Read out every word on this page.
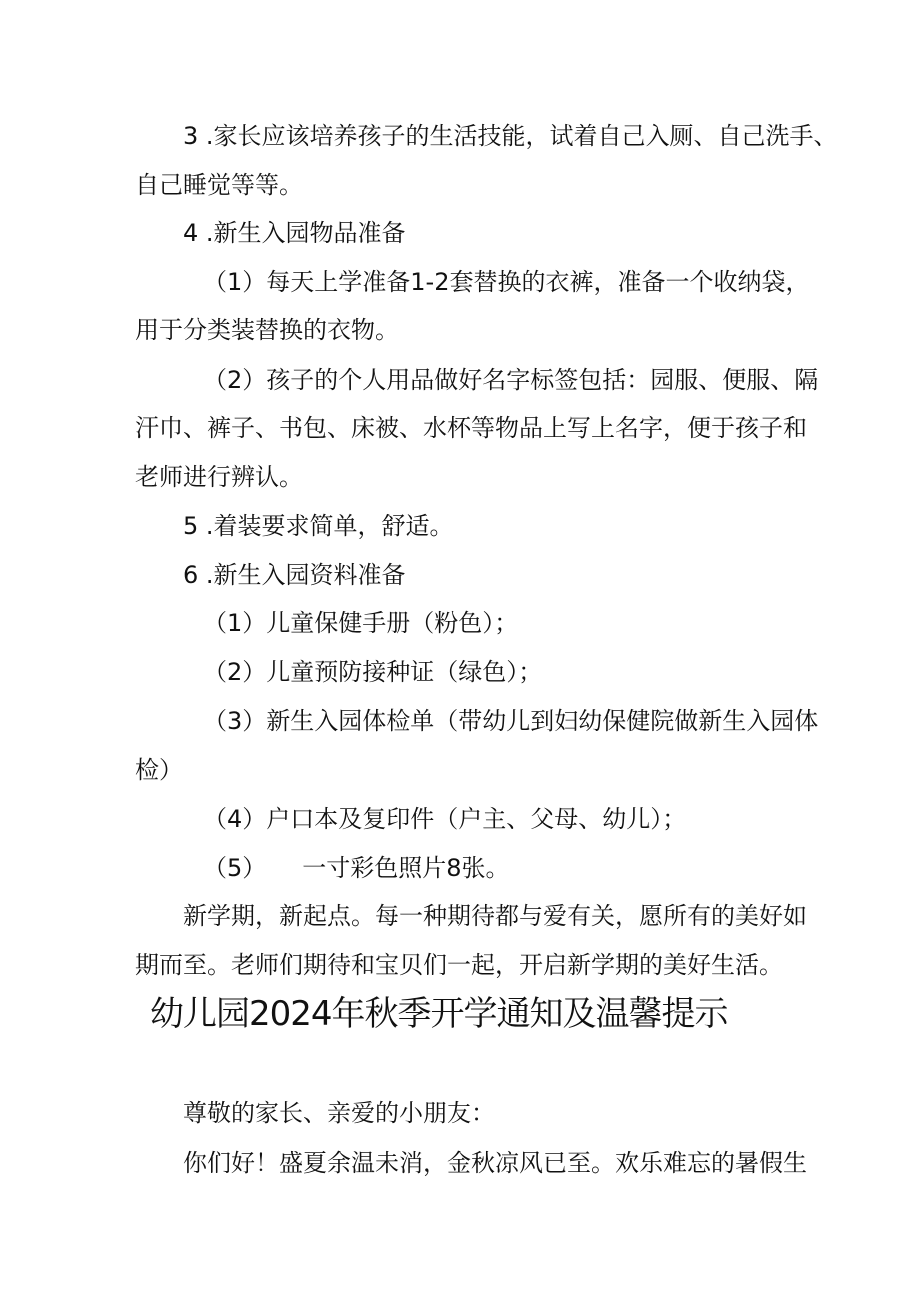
3 .家长应该培养孩子的生活技能，试着自己入厕、自己洗手、
自己睡觉等等。
4 .新生入园物品准备
（1）每天上学准备1-2套替换的衣裤，准备一个收纳袋，
用于分类装替换的衣物。
（2）孩子的个人用品做好名字标签包括：园服、便服、隔
汗巾、裤子、书包、床被、水杯等物品上写上名字，便于孩子和
老师进行辨认。
5 .着装要求简单，舒适。
6 .新生入园资料准备
（1）儿童保健手册（粉色）；
（2）儿童预防接种证（绿色）；
（3）新生入园体检单（带幼儿到妇幼保健院做新生入园体
检）
（4）户口本及复印件（户主、父母、幼儿）；
（5） 一寸彩色照片8张。
新学期，新起点。每一种期待都与爱有关，愿所有的美好如
期而至。老师们期待和宝贝们一起，开启新学期的美好生活。
幼儿园2024年秋季开学通知及温馨提示
尊敬的家长、亲爱的小朋友：
你们好！盛夏余温未消，金秋凉风已至。欢乐难忘的暑假生
